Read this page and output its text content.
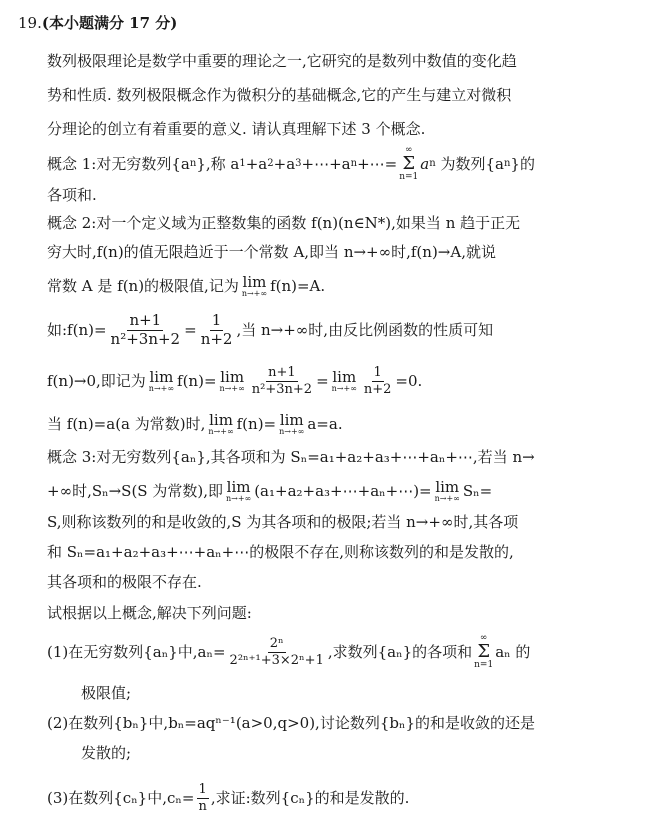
19. (本小题满分 17 分)
数列极限理论是数学中重要的理论之一,它研究的是数列中数值的变化趋
势和性质. 数列极限概念作为微积分的基础概念,它的产生与建立对微积
分理论的创立有着重要的意义. 请认真理解下述 3 个概念.
概念 1: 对无穷数列{a n },称 a 1 +a 2 +a 3 +⋯+a n +⋯=
∞
Σ
n=1
a n
为数列{a n }的
各项和.
概念 2: 对一个定义域为正整数集的函数 f(n)(n∈N*),如果当 n 趋于正无
穷大时,f(n)的值无限趋近于一个常数 A,即当 n→+∞时,f(n)→A,就说
常数 A 是 f(n)的极限值,记为 lim
n→+∞ f(n)=A.
如:f(n)= $\frac{n+1}{\text{n²+3n+2}} = \frac{1}{n+2}$ ,当 n→+∞时,由反比例函数的性质可知
f(n)→0,即记为 lim
n→+∞ f(n)= lim
$n\to+\infty \frac{n+1}{\text{n²+3n+2}} = \lim$
$n\to+\infty \frac{1}{n+2} =0$.
当 f(n)=a(a 为常数)时, lim
n→+∞ f(n)= lim
n→+∞ a=a.
概念 3: 对无穷数列{aₙ},其各项和为 Sₙ=a₁+a₂+a₃+⋯+aₙ+⋯,若当 n→
+∞时,Sₙ→S(S 为常数),即 lim
n→+∞ (a₁+a₂+a₃+⋯+aₙ+⋯)= lim
n→+∞ Sₙ=
S,则称该数列的和是收敛的,S 为其各项和的极限;若当 n→+∞时,其各项
和 Sₙ=a₁+a₂+a₃+⋯+aₙ+⋯的极限不存在,则称该数列的和是发散的,
其各项和的极限不存在.
试根据以上概念,解决下列问题:
(1)在无穷数列{aₙ}中$,a_n= \frac{\text{2ⁿ}}{\text{2²ⁿ⁺¹+3×2ⁿ+1}}$ ,求数列{aₙ}的各项和
∞
Σ
n=1
aₙ 的
极限值;
(2)在数列{bₙ}中,bₙ=aqⁿ⁻¹(a>0,q>0),讨论数列{bₙ}的和是收敛的还是
发散的;
(3)在数列{cₙ}中$,c_n= \frac{1}{n}$ ,求证:数列{cₙ}的和是发散的.
